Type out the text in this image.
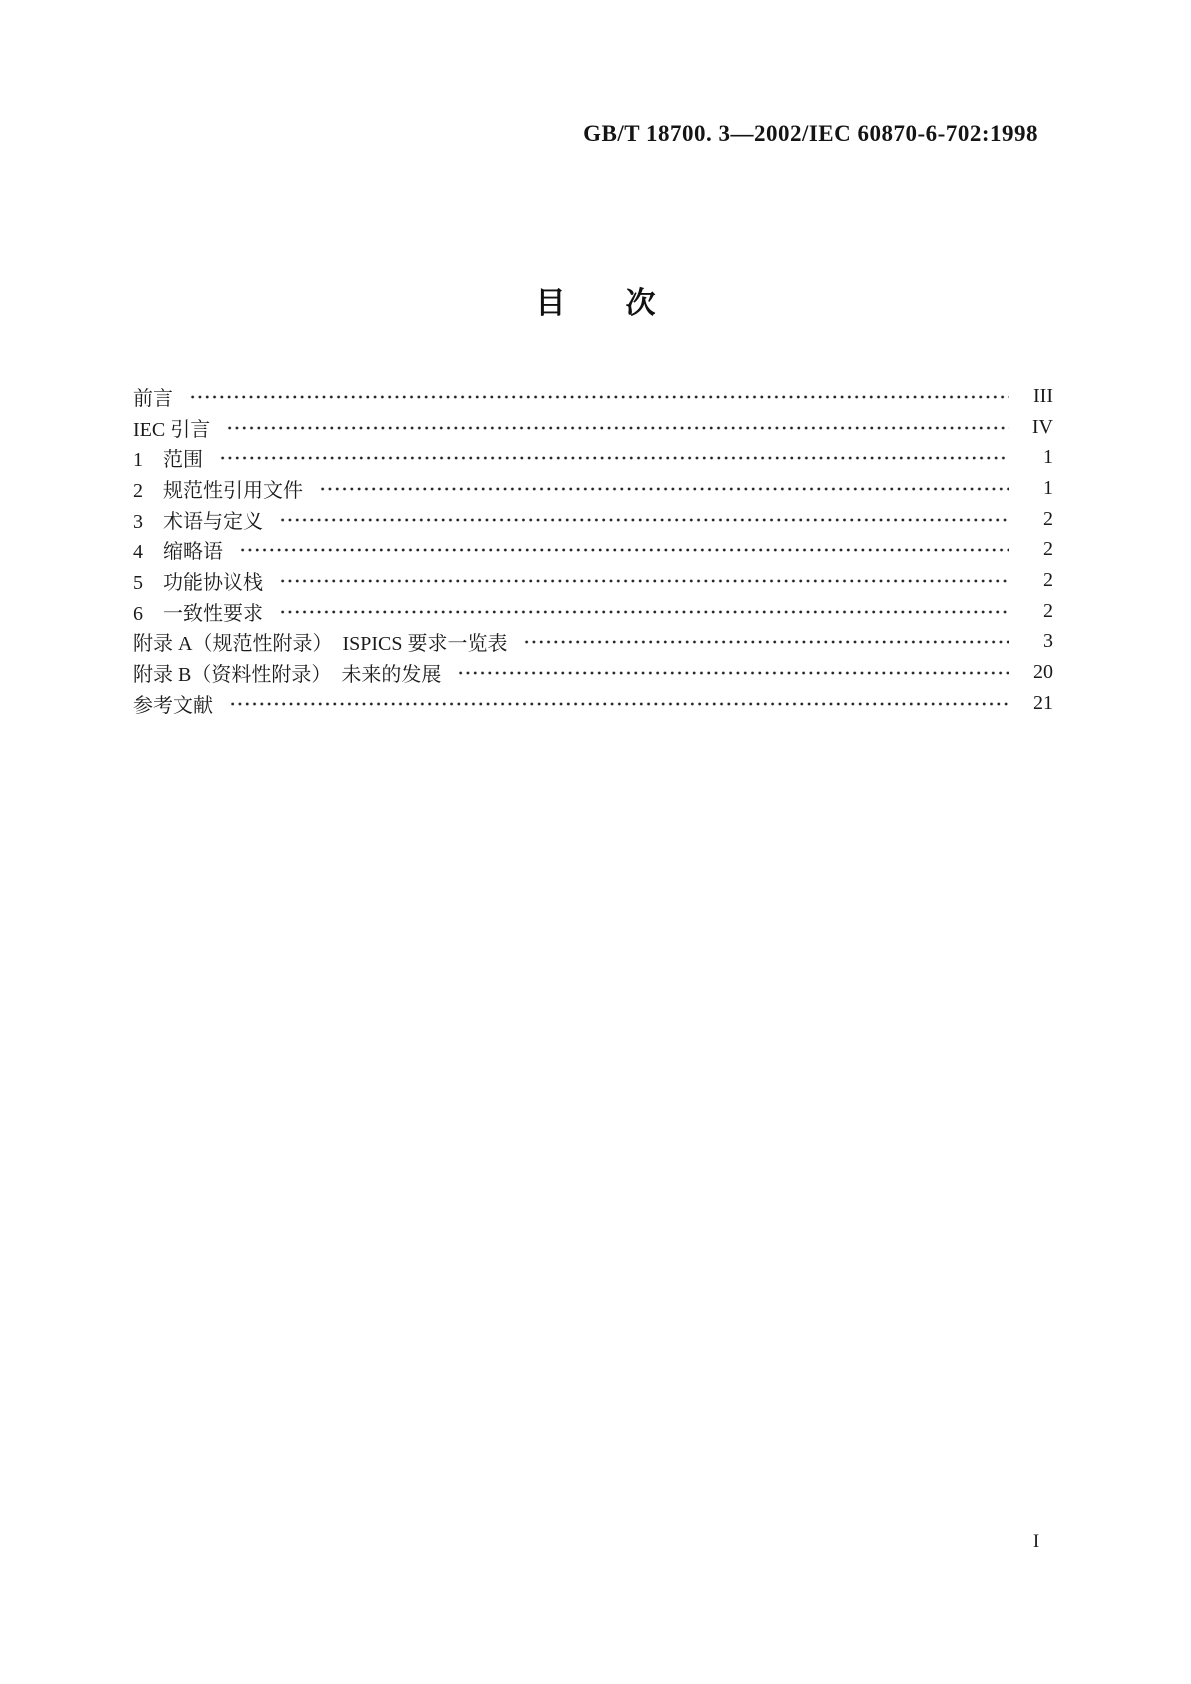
GB/T 18700. 3—2002/IEC 60870-6-702:1998
目　　次
前言	III
IEC 引言	IV
1　范围	1
2　规范性引用文件	1
3　术语与定义	2
4　缩略语	2
5　功能协议栈	2
6　一致性要求	2
附录 A（规范性附录）　ISPICS 要求一览表	3
附录 B（资料性附录）　未来的发展	20
参考文献	21
I
